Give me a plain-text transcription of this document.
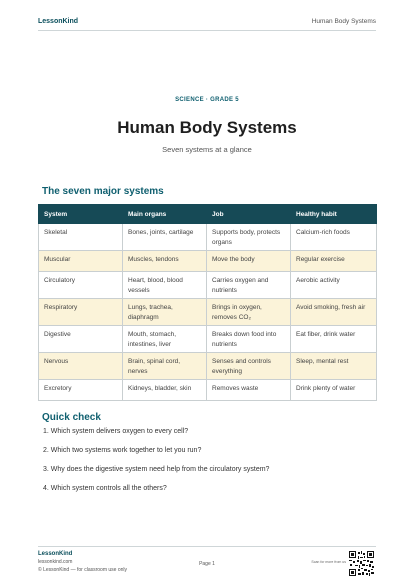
LessonKind	Human Body Systems
SCIENCE · GRADE 5
Human Body Systems
Seven systems at a glance
The seven major systems
System	Main organs	Job	Healthy habit
Skeletal	Bones, joints, cartilage	Supports body, protects organs	Calcium-rich foods
Muscular	Muscles, tendons	Move the body	Regular exercise
Circulatory	Heart, blood, blood vessels	Carries oxygen and nutrients	Aerobic activity
Respiratory	Lungs, trachea, diaphragm	Brings in oxygen, removes CO₂	Avoid smoking, fresh air
Digestive	Mouth, stomach, intestines, liver	Breaks down food into nutrients	Eat fiber, drink water
Nervous	Brain, spinal cord, nerves	Senses and controls everything	Sleep, mental rest
Excretory	Kidneys, bladder, skin	Removes waste	Drink plenty of water
Quick check
1. Which system delivers oxygen to every cell?
2. Which two systems work together to let you run?
3. Why does the digestive system need help from the circulatory system?
4. Which system controls all the others?
LessonKind
lessonkind.com
© LessonKind — for classroom use only
Page 1	Scan for more from us
